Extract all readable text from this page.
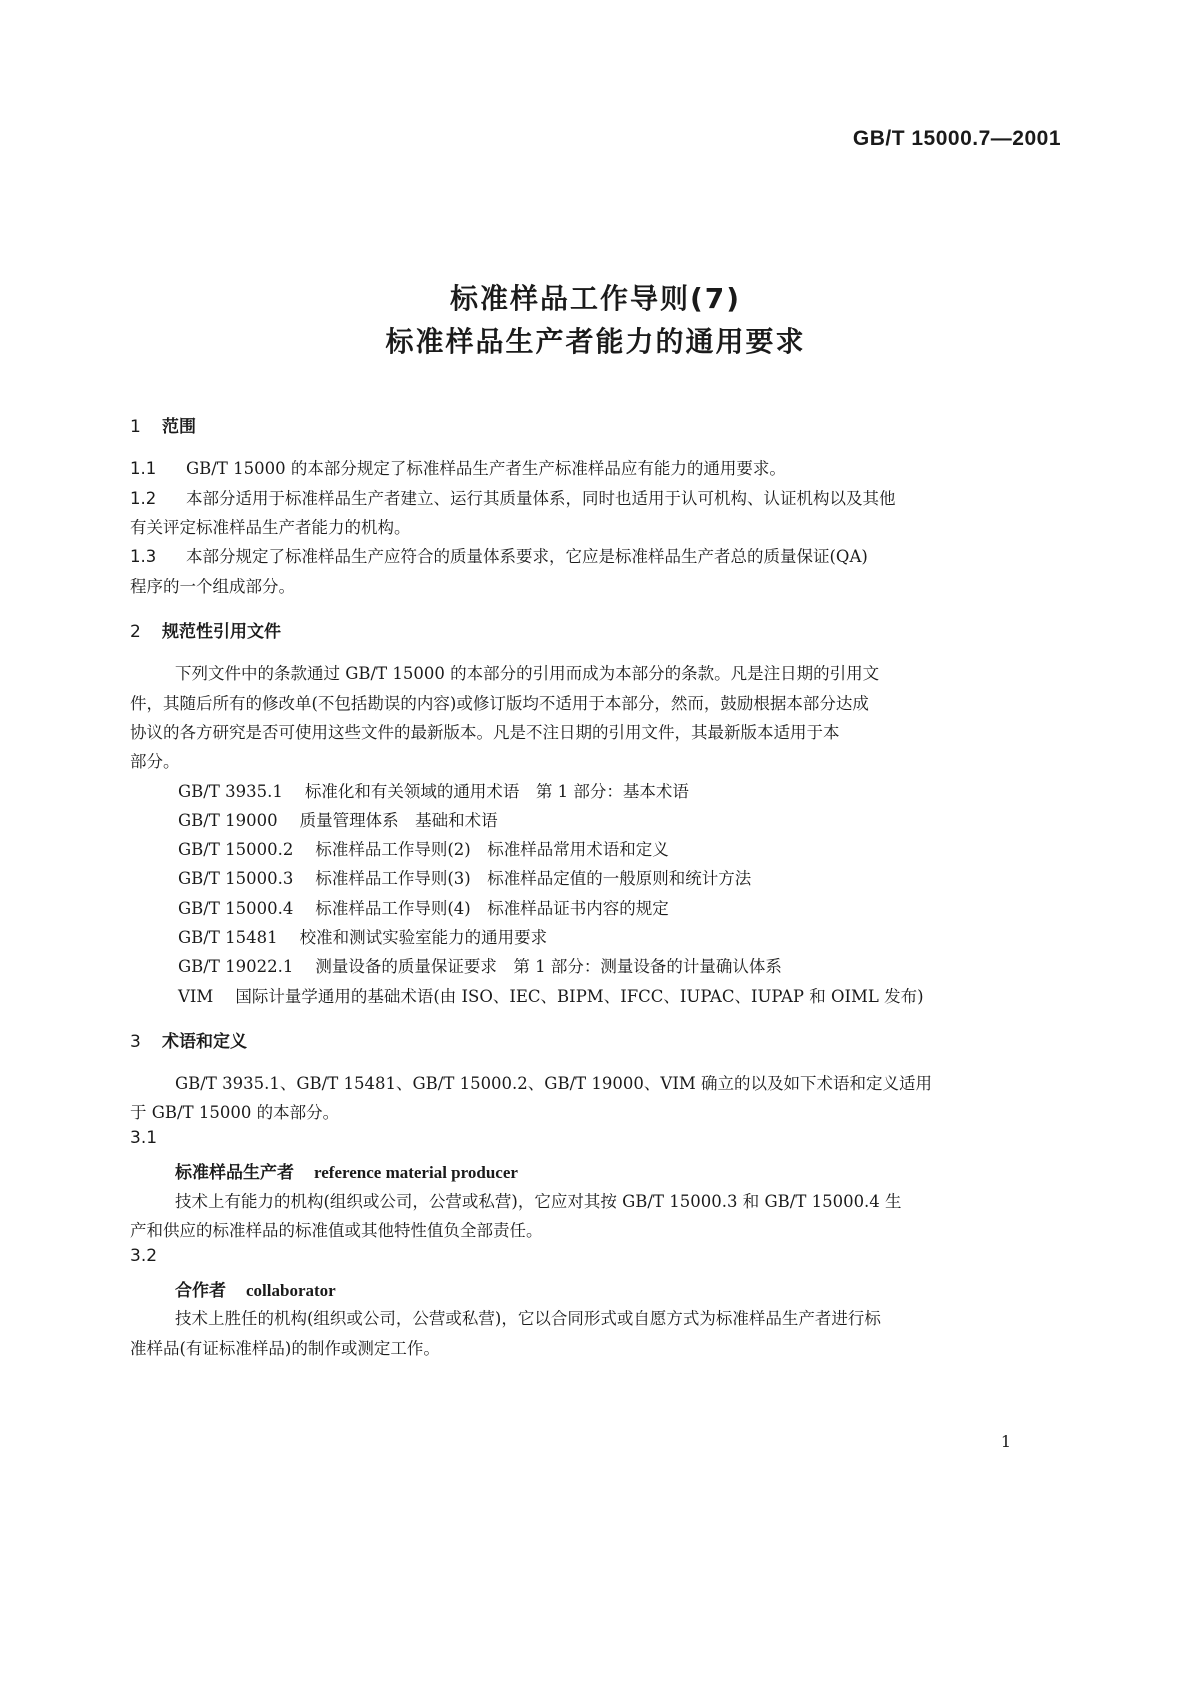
GB/T 15000.7—2001
标准样品工作导则(7)
标准样品生产者能力的通用要求
1 范围
1.1 GB/T 15000 的本部分规定了标准样品生产者生产标准样品应有能力的通用要求。
1.2 本部分适用于标准样品生产者建立、运行其质量体系，同时也适用于认可机构、认证机构以及其他
有关评定标准样品生产者能力的机构。
1.3 本部分规定了标准样品生产应符合的质量体系要求，它应是标准样品生产者总的质量保证(QA)
程序的一个组成部分。
2 规范性引用文件
下列文件中的条款通过 GB/T 15000 的本部分的引用而成为本部分的条款。凡是注日期的引用文
件，其随后所有的修改单(不包括勘误的内容)或修订版均不适用于本部分，然而，鼓励根据本部分达成
协议的各方研究是否可使用这些文件的最新版本。凡是不注日期的引用文件，其最新版本适用于本
部分。
GB/T 3935.1 标准化和有关领域的通用术语　第 1 部分：基本术语
GB/T 19000 质量管理体系　基础和术语
GB/T 15000.2 标准样品工作导则(2)　标准样品常用术语和定义
GB/T 15000.3 标准样品工作导则(3)　标准样品定值的一般原则和统计方法
GB/T 15000.4 标准样品工作导则(4)　标准样品证书内容的规定
GB/T 15481 校准和测试实验室能力的通用要求
GB/T 19022.1 测量设备的质量保证要求　第 1 部分：测量设备的计量确认体系
VIM 国际计量学通用的基础术语(由 ISO、IEC、BIPM、IFCC、IUPAC、IUPAP 和 OIML 发布)
3 术语和定义
GB/T 3935.1、GB/T 15481、GB/T 15000.2、GB/T 19000、VIM 确立的以及如下术语和定义适用
于 GB/T 15000 的本部分。
3.1
标准样品生产者 reference material producer
技术上有能力的机构(组织或公司，公营或私营)，它应对其按 GB/T 15000.3 和 GB/T 15000.4 生
产和供应的标准样品的标准值或其他特性值负全部责任。
3.2
合作者 collaborator
技术上胜任的机构(组织或公司，公营或私营)，它以合同形式或自愿方式为标准样品生产者进行标
准样品(有证标准样品)的制作或测定工作。
1
